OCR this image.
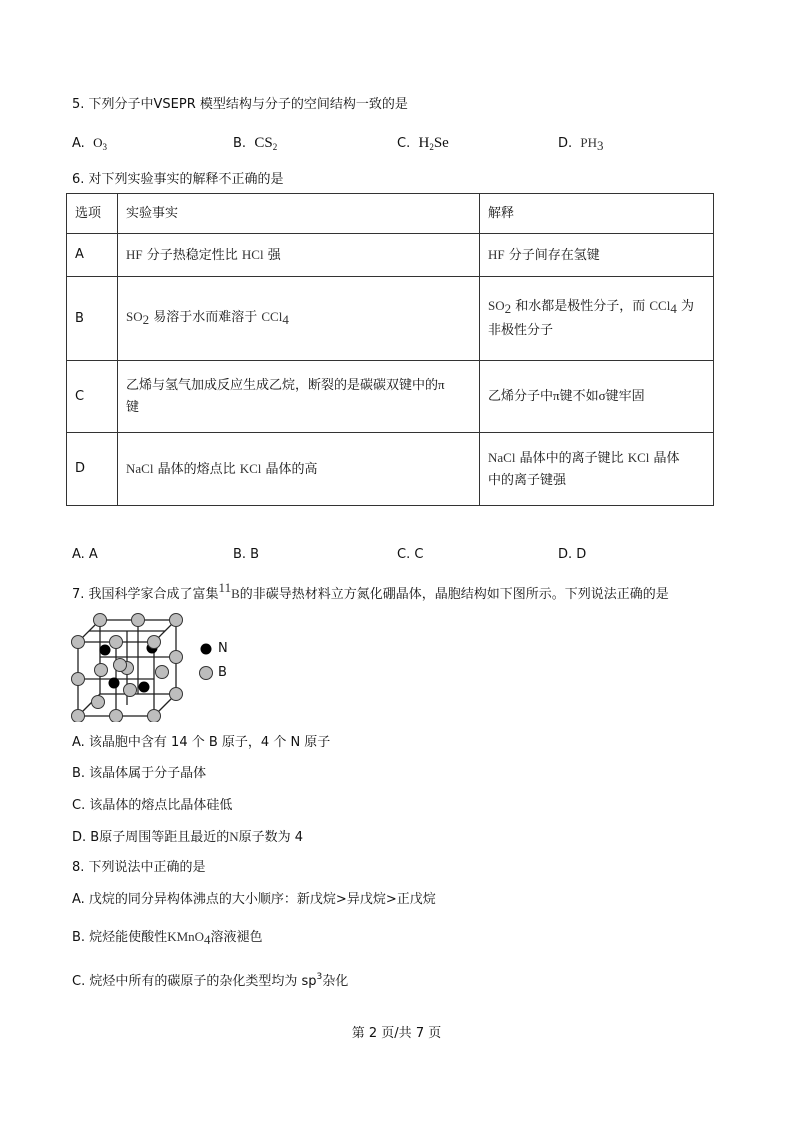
5. 下列分子中VSEPR 模型结构与分子的空间结构一致的是
A. $O_3$	B. $CS_2$	C. $H_2Se$	D. PH3
6. 对下列实验事实的解释不正确的是
选项	实验事实	解释
A	HF 分子热稳定性比 HCl 强	HF 分子间存在氢键
B	SO2 易溶于水而难溶于 CCl4	SO2 和水都是极性分子，而 CCl4 为
非极性分子
C	乙烯与氢气加成反应生成乙烷，断裂的是碳碳双键中的π
键	乙烯分子中π键不如σ键牢固
D	NaCl 晶体的熔点比 KCl 晶体的高	NaCl 晶体中的离子键比 KCl 晶体
中的离子键强
A. A	B. B	C. C	D. D
7. 我国科学家合成了富集11B的非碳导热材料立方氮化硼晶体，晶胞结构如下图所示。下列说法正确的是
N
B
A. 该晶胞中含有 14 个 B 原子，4 个 N 原子
B. 该晶体属于分子晶体
C. 该晶体的熔点比晶体硅低
D. B原子周围等距且最近的N原子数为 4
8. 下列说法中正确的是
A. 戊烷的同分异构体沸点的大小顺序：新戊烷>异戊烷>正戊烷
B. 烷烃能使酸性KMnO4溶液褪色
C. 烷烃中所有的碳原子的杂化类型均为 $sp^3$杂化
第 2 页/共 7 页
